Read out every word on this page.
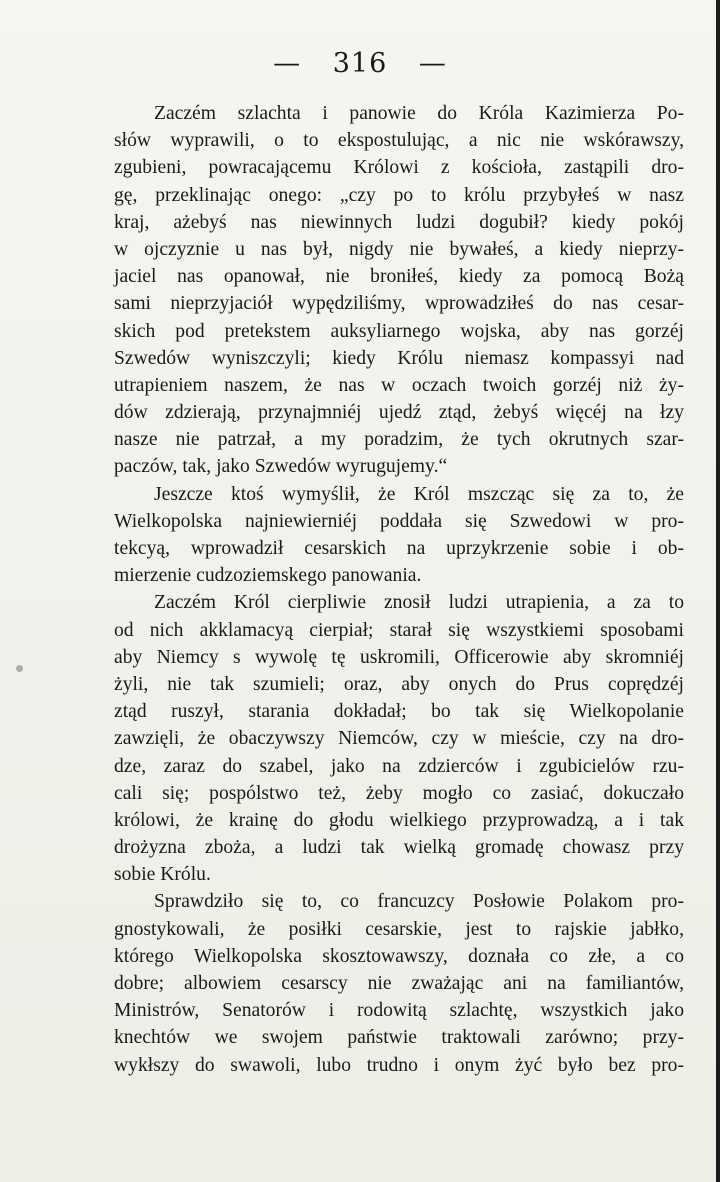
— 316 —
Zaczém szlachta i panowie do Króla Kazimierza Po-
słów wyprawili, o to ekspostulując, a nic nie wskórawszy,
zgubieni, powracającemu Królowi z kościoła, zastąpili dro-
gę, przeklinając onego: „czy po to królu przybyłeś w nasz
kraj, ażebyś nas niewinnych ludzi dogubił? kiedy pokój
w ojczyznie u nas był, nigdy nie bywałeś, a kiedy nieprzy-
jaciel nas opanował, nie broniłeś, kiedy za pomocą Bożą
sami nieprzyjaciół wypędziliśmy, wprowadziłeś do nas cesar-
skich pod pretekstem auksyliarnego wojska, aby nas gorzéj
Szwedów wyniszczyli; kiedy Królu niemasz kompassyi nad
utrapieniem naszem, że nas w oczach twoich gorzéj niż ży-
dów zdzierają, przynajmniéj ujedź ztąd, żebyś więcéj na łzy
nasze nie patrzał, a my poradzim, że tych okrutnych szar-
paczów, tak, jako Szwedów wyrugujemy.“
Jeszcze ktoś wymyślił, że Król mszcząc się za to, że
Wielkopolska najniewierniéj poddała się Szwedowi w pro-
tekcyą, wprowadził cesarskich na uprzykrzenie sobie i ob-
mierzenie cudzoziemskego panowania.
Zaczém Król cierpliwie znosił ludzi utrapienia, a za to
od nich akklamacyą cierpiał; starał się wszystkiemi sposobami
aby Niemcy s wywolę tę uskromili, Officerowie aby skromniéj
żyli, nie tak szumieli; oraz, aby onych do Prus coprędzéj
ztąd ruszył, starania dokładał; bo tak się Wielkopolanie
zawzięli, że obaczywszy Niemców, czy w mieście, czy na dro-
dze, zaraz do szabel, jako na zdzierców i zgubicielów rzu-
cali się; pospólstwo też, żeby mogło co zasiać, dokuczało
królowi, że krainę do głodu wielkiego przyprowadzą, a i tak
drożyzna zboża, a ludzi tak wielką gromadę chowasz przy
sobie Królu.
Sprawdziło się to, co francuzcy Posłowie Polakom pro-
gnostykowali, że posiłki cesarskie, jest to rajskie jabłko,
którego Wielkopolska skosztowawszy, doznała co złe, a co
dobre; albowiem cesarscy nie zważając ani na familiantów,
Ministrów, Senatorów i rodowitą szlachtę, wszystkich jako
knechtów we swojem państwie traktowali zarówno; przy-
wykłszy do swawoli, lubo trudno i onym żyć było bez pro-
